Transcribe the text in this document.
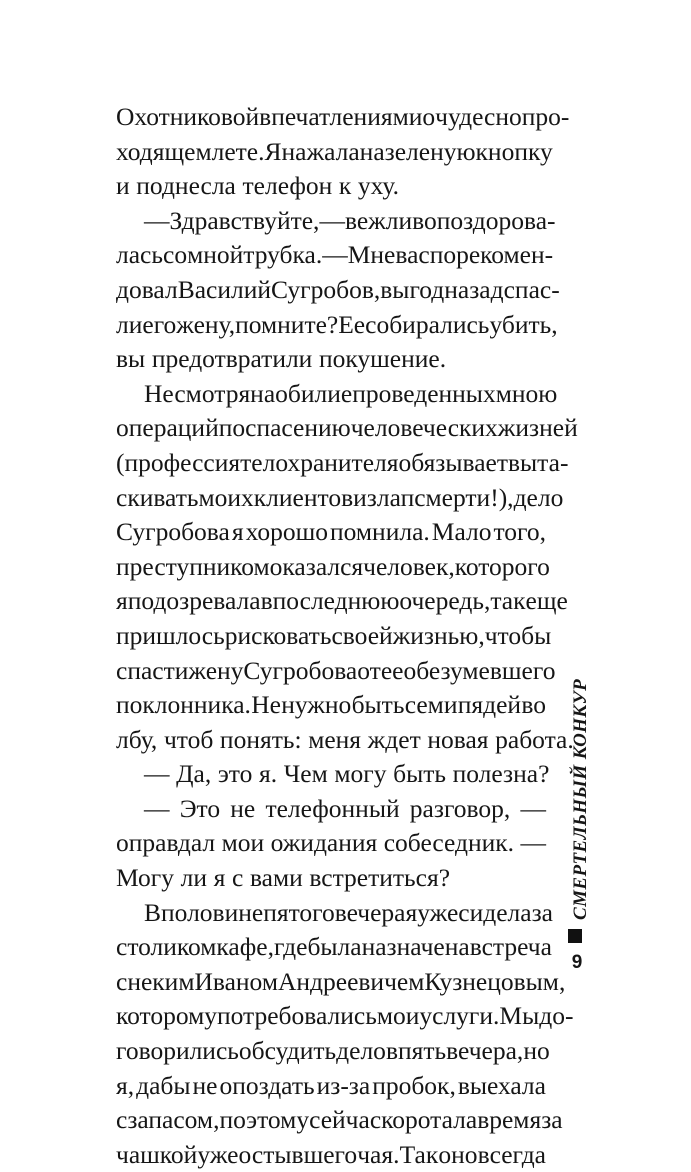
Охотниковой впечатлениями о чудесно про-
ходящем лете. Я нажала на зеленую кнопку
и поднесла телефон к уху.
— Здравствуйте, — вежливо поздорова-
лась со мной трубка. — Мне вас порекомен-
довал Василий Сугробов, вы год назад спас-
ли его жену, помните? Ее собирались убить,
вы предотвратили покушение.
Несмотря на обилие проведенных мною
операций по спасению человеческих жизней
(профессия телохранителя обязывает выта-
скивать моих клиентов из лап смерти!), дело
Сугробова я хорошо помнила. Мало того,
преступником оказался человек, которого
я подозревала в последнюю очередь, так еще
пришлось рисковать своей жизнью, чтобы
спасти жену Сугробова от ее обезумевшего
поклонника. Не нужно быть семи пядей во
лбу, чтоб понять: меня ждет новая работа.
— Да, это я. Чем могу быть полезна?
— Это не телефонный разговор, —
оправдал мои ожидания собеседник. —
Могу ли я с вами встретиться?
В половине пятого вечера я уже сидела за
столиком кафе, где была назначена встреча
с неким Иваном Андреевичем Кузнецовым,
которому потребовались мои услуги. Мы до-
говорились обсудить дело в пять вечера, но
я, дабы не опоздать из-за пробок, выехала
с запасом, поэтому сейчас коротала время за
чашкой уже остывшего чая. Так оно всегда
СМЕРТЕЛЬНЫЙ КОНКУР
9
